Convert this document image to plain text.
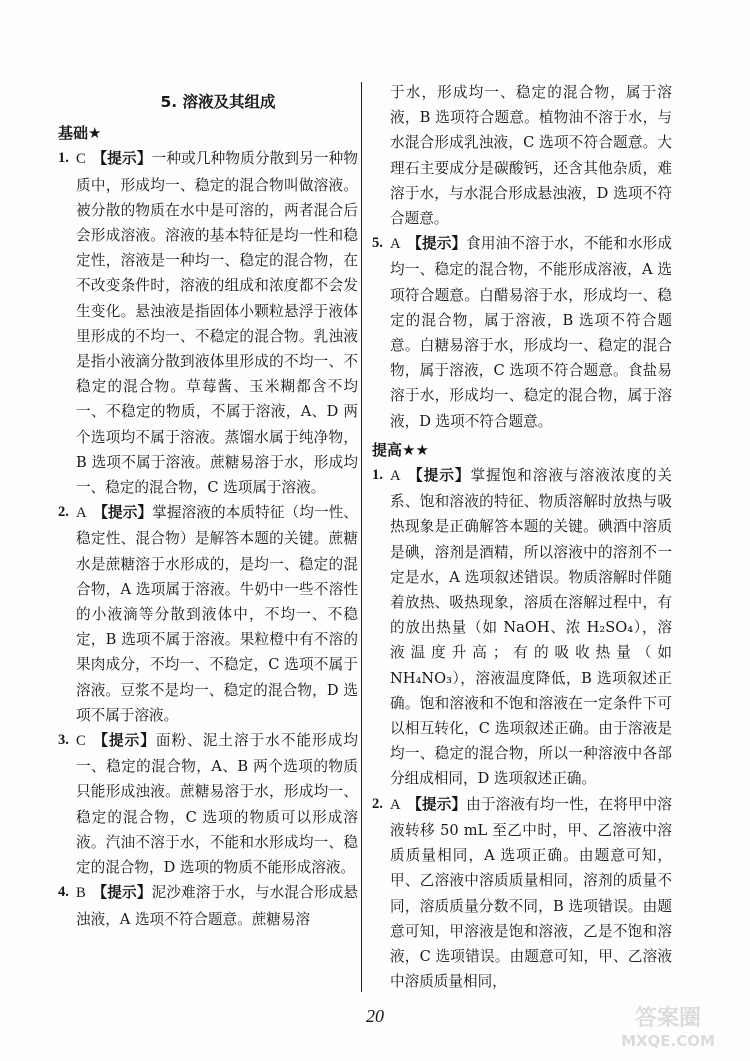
5. 溶液及其组成
基础★

1. C 【提示】一种或几种物质分散到另一种物质中，形成均一、稳定的混合物叫做溶液。被分散的物质在水中是可溶的，两者混合后会形成溶液。溶液的基本特征是均一性和稳定性，溶液是一种均一、稳定的混合物，在不改变条件时，溶液的组成和浓度都不会发生变化。悬浊液是指固体小颗粒悬浮于液体里形成的不均一、不稳定的混合物。乳浊液是指小液滴分散到液体里形成的不均一、不稳定的混合物。草莓酱、玉米糊都含不均一、不稳定的物质，不属于溶液，A、D 两个选项均不属于溶液。蒸馏水属于纯净物，B 选项不属于溶液。蔗糖易溶于水，形成均一、稳定的混合物，C 选项属于溶液。

2. A 【提示】掌握溶液的本质特征（均一性、稳定性、混合物）是解答本题的关键。蔗糖水是蔗糖溶于水形成的，是均一、稳定的混合物，A 选项属于溶液。牛奶中一些不溶性的小液滴等分散到液体中，不均一、不稳定，B 选项不属于溶液。果粒橙中有不溶的果肉成分，不均一、不稳定，C 选项不属于溶液。豆浆不是均一、稳定的混合物，D 选项不属于溶液。

3. C 【提示】面粉、泥土溶于水不能形成均一、稳定的混合物，A、B 两个选项的物质只能形成浊液。蔗糖易溶于水，形成均一、稳定的混合物，C 选项的物质可以形成溶液。汽油不溶于水，不能和水形成均一、稳定的混合物，D 选项的物质不能形成溶液。

4. B 【提示】泥沙难溶于水，与水混合形成悬浊液，A 选项不符合题意。蔗糖易溶

于水，形成均一、稳定的混合物，属于溶液，B 选项符合题意。植物油不溶于水，与水混合形成乳浊液，C 选项不符合题意。大理石主要成分是碳酸钙，还含其他杂质，难溶于水，与水混合形成悬浊液，D 选项不符合题意。

5. A 【提示】食用油不溶于水，不能和水形成均一、稳定的混合物，不能形成溶液，A 选项符合题意。白醋易溶于水，形成均一、稳定的混合物，属于溶液，B 选项不符合题意。白糖易溶于水，形成均一、稳定的混合物，属于溶液，C 选项不符合题意。食盐易溶于水，形成均一、稳定的混合物，属于溶液，D 选项不符合题意。

提高★★

1. A 【提示】掌握饱和溶液与溶液浓度的关系、饱和溶液的特征、物质溶解时放热与吸热现象是正确解答本题的关键。碘酒中溶质是碘，溶剂是酒精，所以溶液中的溶剂不一定是水，A 选项叙述错误。物质溶解时伴随着放热、吸热现象，溶质在溶解过程中，有的放出热量（如 NaOH、浓 H₂SO₄），溶液温度升高；有的吸收热量（如 NH₄NO₃），溶液温度降低，B 选项叙述正确。饱和溶液和不饱和溶液在一定条件下可以相互转化，C 选项叙述正确。由于溶液是均一、稳定的混合物，所以一种溶液中各部分组成相同，D 选项叙述正确。

2. A 【提示】由于溶液有均一性，在将甲中溶液转移 50 mL 至乙中时，甲、乙溶液中溶质质量相同，A 选项正确。由题意可知，甲、乙溶液中溶质质量相同，溶剂的质量不同，溶质质量分数不同，B 选项错误。由题意可知，甲溶液是饱和溶液，乙是不饱和溶液，C 选项错误。由题意可知，甲、乙溶液中溶质质量相同，

20	答案圈
MXQE.COM
